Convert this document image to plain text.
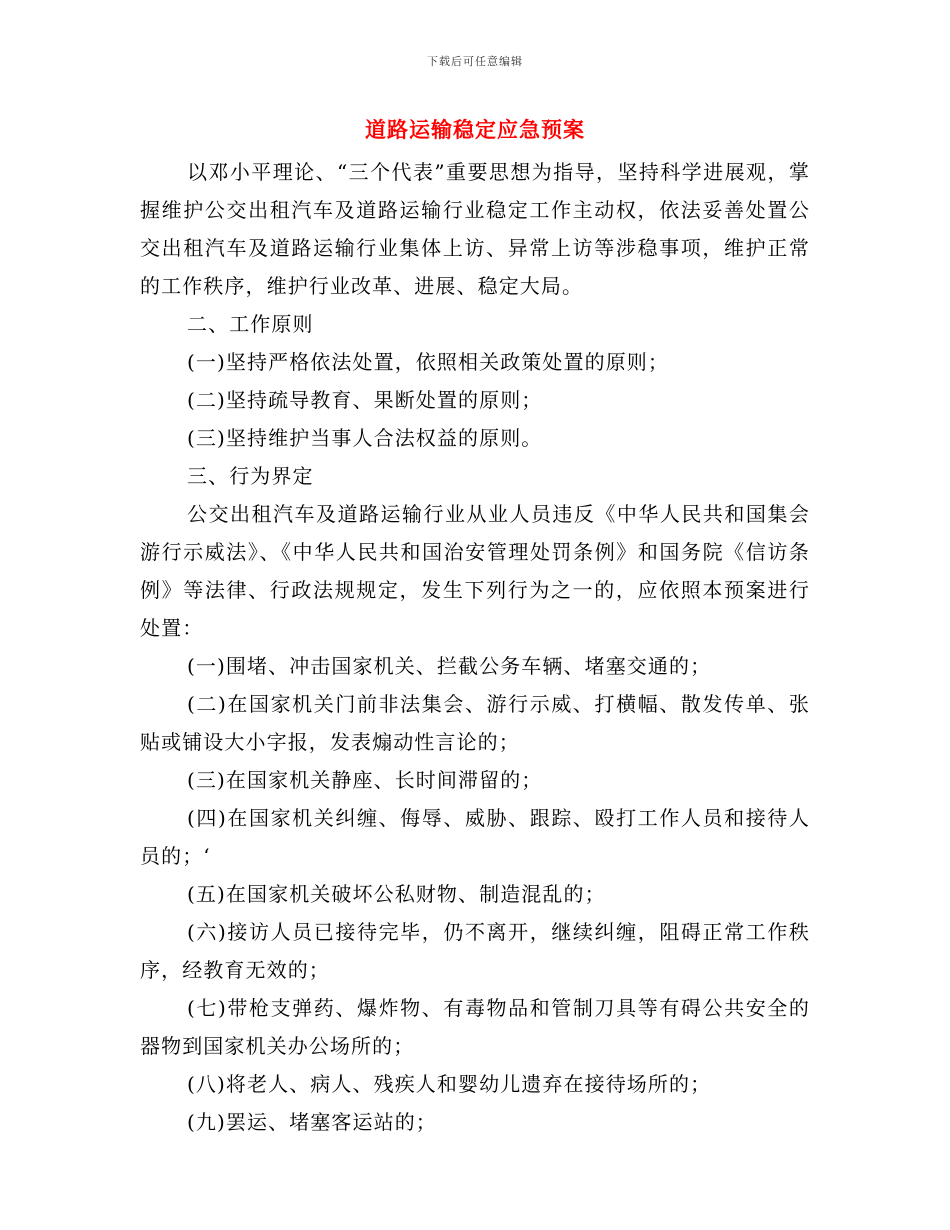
下载后可任意编辑
道路运输稳定应急预案

以邓小平理论、“三个代表”重要思想为指导，坚持科学进展观，掌握维护公交出租汽车及道路运输行业稳定工作主动权，依法妥善处置公交出租汽车及道路运输行业集体上访、异常上访等涉稳事项，维护正常的工作秩序，维护行业改革、进展、稳定大局。

二、工作原则

(一)坚持严格依法处置，依照相关政策处置的原则；

(二)坚持疏导教育、果断处置的原则；

(三)坚持维护当事人合法权益的原则。

三、行为界定

公交出租汽车及道路运输行业从业人员违反《中华人民共和国集会游行示威法》、《中华人民共和国治安管理处罚条例》和国务院《信访条例》等法律、行政法规规定，发生下列行为之一的，应依照本预案进行处置：

(一)围堵、冲击国家机关、拦截公务车辆、堵塞交通的；

(二)在国家机关门前非法集会、游行示威、打横幅、散发传单、张贴或铺设大小字报，发表煽动性言论的；

(三)在国家机关静座、长时间滞留的；

(四)在国家机关纠缠、侮辱、威胁、跟踪、殴打工作人员和接待人员的；‘

(五)在国家机关破坏公私财物、制造混乱的；

(六)接访人员已接待完毕，仍不离开，继续纠缠，阻碍正常工作秩序，经教育无效的；

(七)带枪支弹药、爆炸物、有毒物品和管制刀具等有碍公共安全的器物到国家机关办公场所的；

(八)将老人、病人、残疾人和婴幼儿遗弃在接待场所的；

(九)罢运、堵塞客运站的；
